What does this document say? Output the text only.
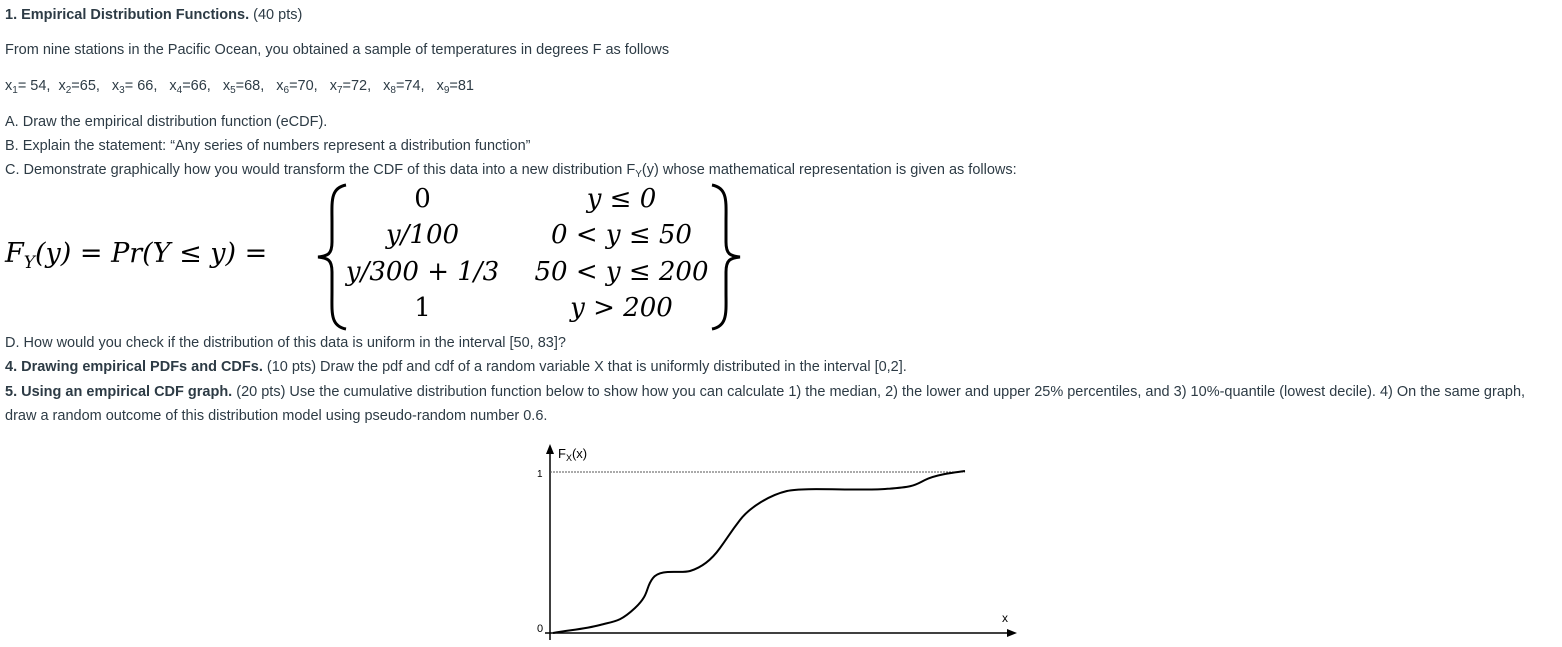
1. Empirical Distribution Functions. (40 pts)
From nine stations in the Pacific Ocean, you obtained a sample of temperatures in degrees F as follows
$x_1= 54$, $x_2=65$, $x_3= 66$, $x_4=66$, $x_5=68$, $x_6=70$, $x_7=72$, $x_8=74$, $x_9=81$
A. Draw the empirical distribution function (eCDF).
B. Explain the statement: “Any series of numbers represent a distribution function”
C. Demonstrate graphically how you would transform the CDF of this data into a new distribution $F_Y(y)$ whose mathematical representation is given as follows:
$F_Y(y) = Pr(Y \le y)$ =
0
y/100
y/300 + 1/3
1
y ≤ 0
0 < y ≤ 50
50 < y ≤ 200
y > 200
D. How would you check if the distribution of this data is uniform in the interval [50, 83]?
4. Drawing empirical PDFs and CDFs. (10 pts) Draw the pdf and cdf of a random variable X that is uniformly distributed in the interval [0,2].
5. Using an empirical CDF graph. (20 pts) Use the cumulative distribution function below to show how you can calculate 1) the median, 2) the lower and upper 25% percentiles, and 3) 10%-quantile (lowest decile). 4) On the same graph, draw a random outcome of this distribution model using pseudo-random number 0.6.
$F_X(x)$
1
0
x
